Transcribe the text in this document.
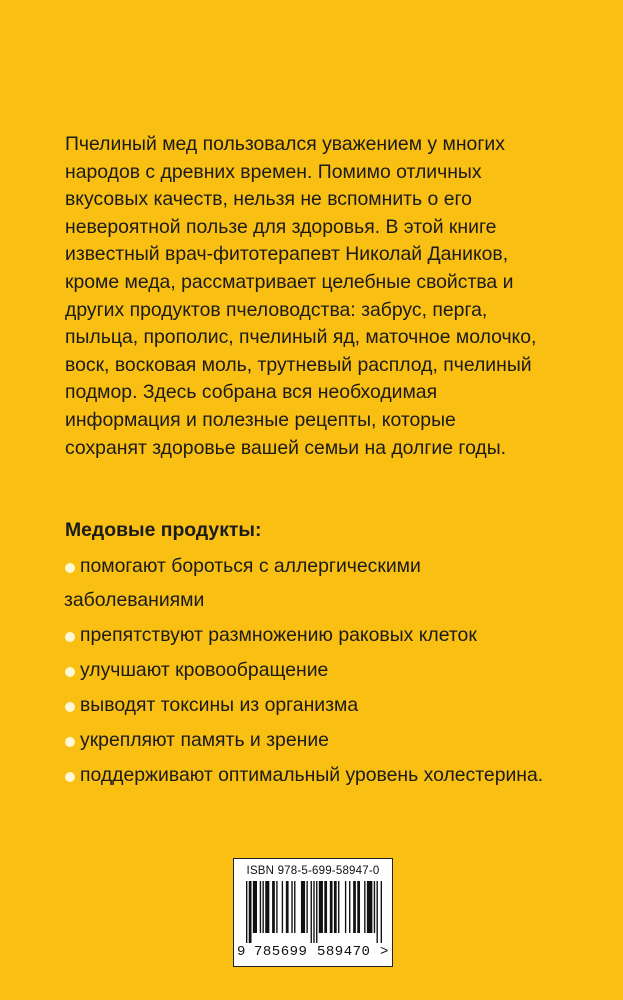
Пчелиный мед пользовался уважением у многих
народов с древних времен. Помимо отличных
вкусовых качеств, нельзя не вспомнить о его
невероятной пользе для здоровья. В этой книге
известный врач-фитотерапевт Николай Даников,
кроме меда, рассматривает целебные свойства и
других продуктов пчеловодства: забрус, перга,
пыльца, прополис, пчелиный яд, маточное молочко,
воск, восковая моль, трутневый расплод, пчелиный
подмор. Здесь собрана вся необходимая
информация и полезные рецепты, которые
сохранят здоровье вашей семьи на долгие годы.
Медовые продукты:
помогают бороться с аллергическими
заболеваниями
препятствуют размножению раковых клеток
улучшают кровообращение
выводят токсины из организма
укрепляют память и зрение
поддерживают оптимальный уровень холестерина.
ISBN 978-5-699-58947-0
9 785699 589470 >
